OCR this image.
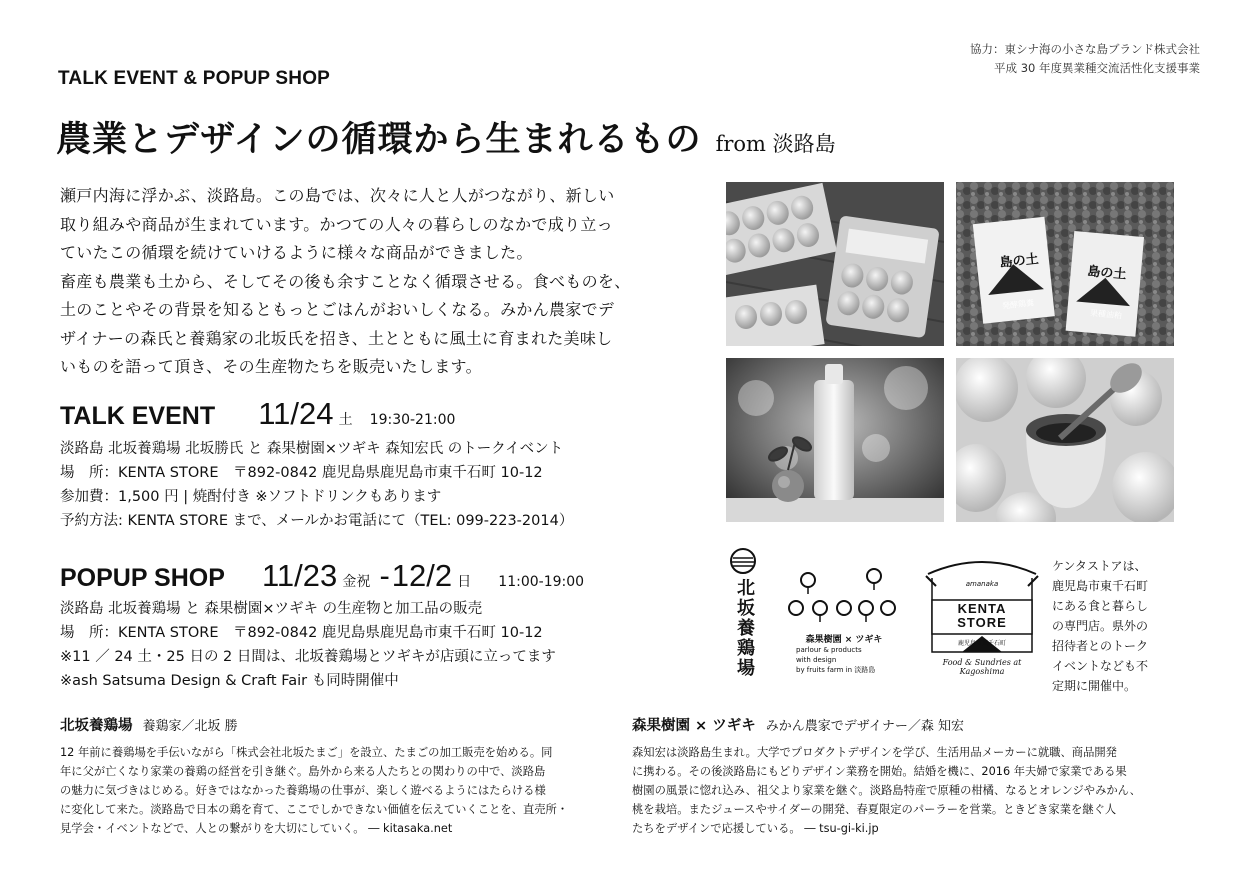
協力：東シナ海の小さな島ブランド株式会社
平成 30 年度異業種交流活性化支援事業
TALK EVENT & POPUP SHOP
農業とデザインの循環から生まれるもの from 淡路島

瀬戸内海に浮かぶ、淡路島。この島では、次々に人と人がつながり、新しい

取り組みや商品が生まれています。かつての人々の暮らしのなかで成り立っ

ていたこの循環を続けていけるように様々な商品ができました。

畜産も農業も土から、そしてその後も余すことなく循環させる。食べものを、

土のことやその背景を知るともっとごはんがおいしくなる。みかん農家でデ

ザイナーの森氏と養鶏家の北坂氏を招き、土とともに風土に育まれた美味し

いものを語って頂き、その生産物たちを販売いたします。

TALK EVENT 11/24 土 19:30-21:00
淡路島 北坂養鶏場 北坂勝氏 と 森果樹園×ツギキ 森知宏氏 のトークイベント
場　所：KENTA STORE　〒892-0842 鹿児島県鹿児島市東千石町 10-12
参加費：1,500 円 | 焼酎付き ※ソフトドリンクもあります
予約方法: KENTA STORE まで、メールかお電話にて（TEL: 099-223-2014）
POPUP SHOP 11/23 金祝 -12/2 日 11:00-19:00
淡路島 北坂養鶏場 と 森果樹園×ツギキ の生産物と加工品の販売
場　所：KENTA STORE　〒892-0842 鹿児島県鹿児島市東千石町 10-12
※11 ／ 24 土・25 日の 2 日間は、北坂養鶏場とツギキが店頭に立ってます
※ash Satsuma Design & Craft Fair も同時開催中
島の土
発酵鶏糞
島の土
果種油粕
北坂養鶏場	森果樹園 × ツギキ
parlour & products
with design
by fruits farm in 淡路島
amanaka
KENTA
STORE
鹿児島市東千石町
Food & Sundries at Kagoshima
ケンタストアは、
鹿児島市東千石町
にある食と暮らし
の専門店。県外の
招待者とのトーク
イベントなども不
定期に開催中。
北坂養鶏場 養鶏家／北坂 勝
12 年前に養鶏場を手伝いながら「株式会社北坂たまご」を設立、たまごの加工販売を始める。同
年に父が亡くなり家業の養鶏の経営を引き継ぐ。島外から来る人たちとの関わりの中で、淡路島
の魅力に気づきはじめる。好きではなかった養鶏場の仕事が、楽しく遊べるようにはたらける様
に変化して来た。淡路島で日本の鶏を育て、ここでしかできない価値を伝えていくことを、直売所・
見学会・イベントなどで、人との繋がりを大切にしていく。 ― kitasaka.net
森果樹園 × ツギキ みかん農家でデザイナー／森 知宏
森知宏は淡路島生まれ。大学でプロダクトデザインを学び、生活用品メーカーに就職、商品開発
に携わる。その後淡路島にもどりデザイン業務を開始。結婚を機に、2016 年夫婦で家業である果
樹園の風景に惚れ込み、祖父より家業を継ぐ。淡路島特産で原種の柑橘、なるとオレンジやみかん、
桃を栽培。またジュースやサイダーの開発、春夏限定のパーラーを営業。ときどき家業を継ぐ人
たちをデザインで応援している。 ― tsu-gi-ki.jp
